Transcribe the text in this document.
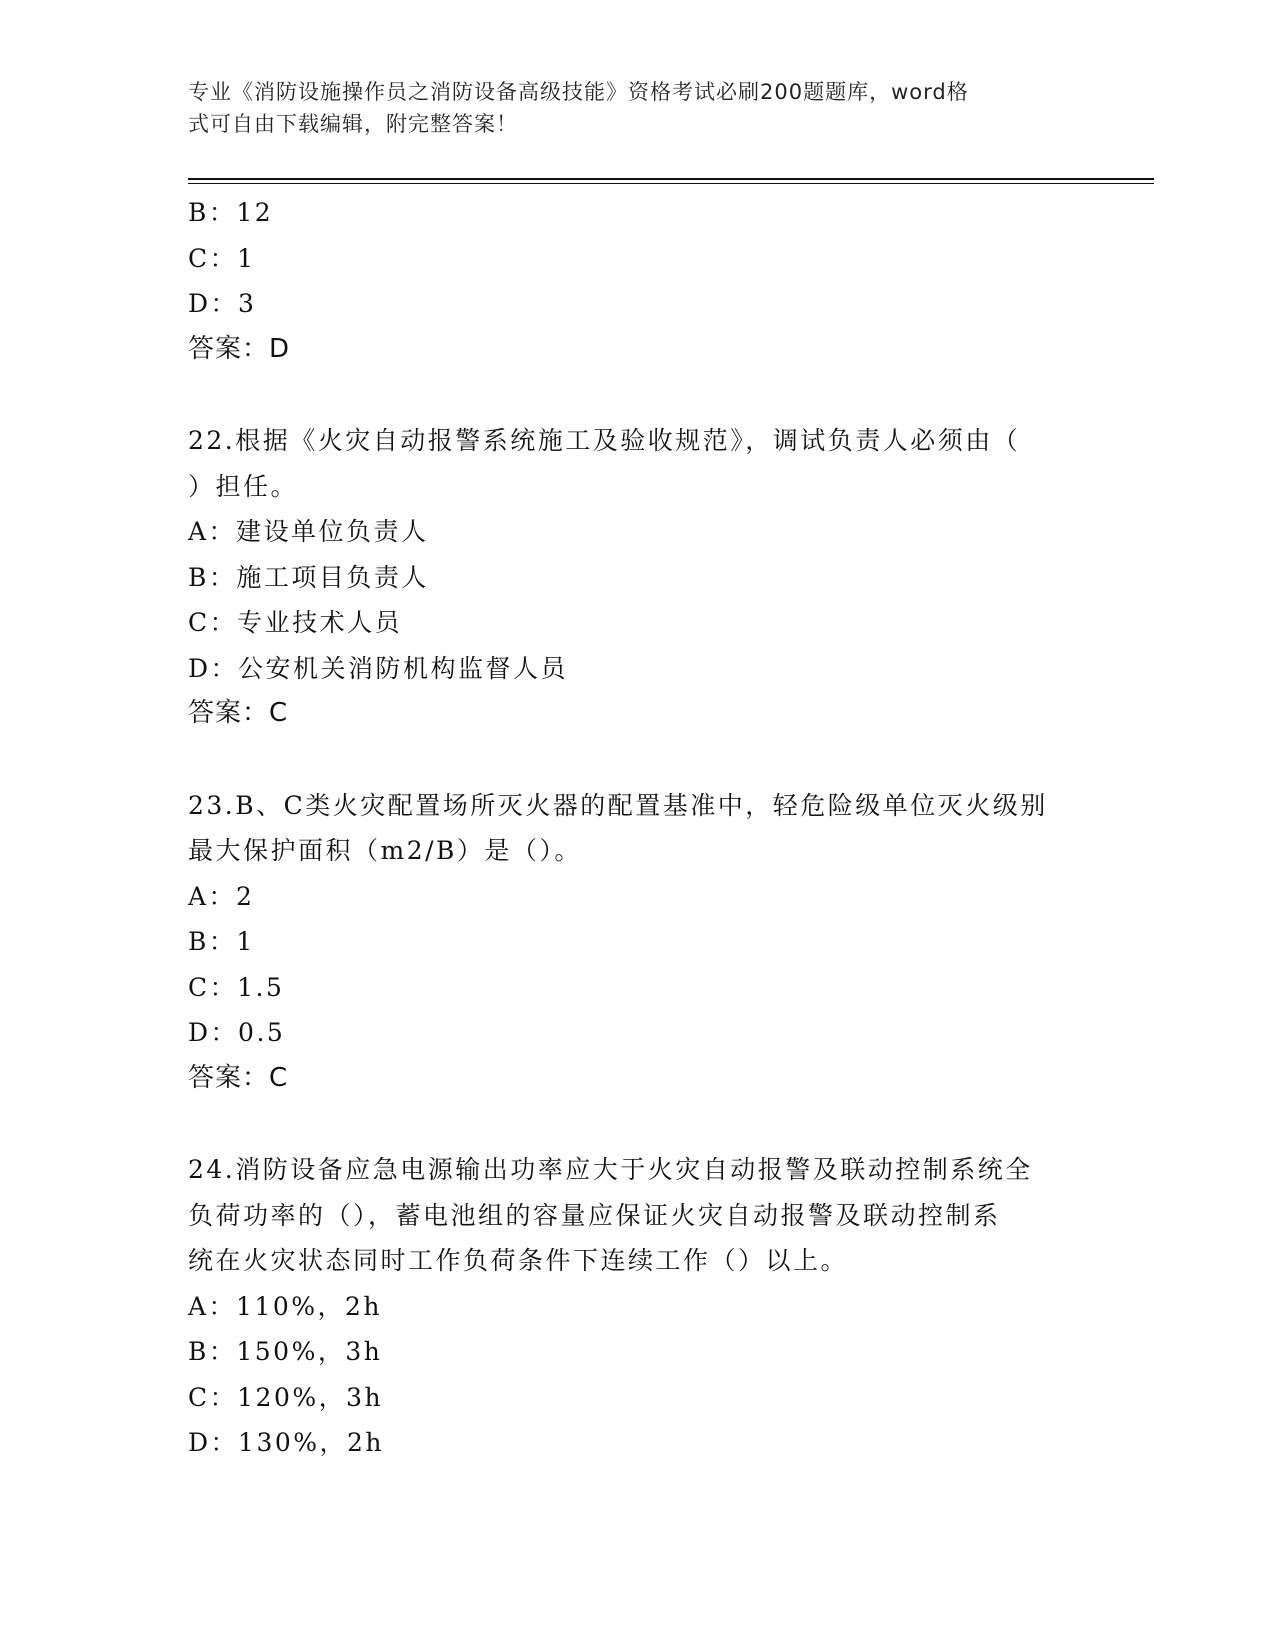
专业《消防设施操作员之消防设备高级技能》资格考试必刷200题题库，word格
式可自由下载编辑，附完整答案！
B：12
C：1
D：3
答案：D
22.根据《火灾自动报警系统施工及验收规范》，调试负责人必须由（
）担任。
A：建设单位负责人
B：施工项目负责人
C：专业技术人员
D：公安机关消防机构监督人员
答案：C
23.B、C类火灾配置场所灭火器的配置基准中，轻危险级单位灭火级别
最大保护面积（m2/B）是（）。
A：2
B：1
C：1.5
D：0.5
答案：C
24.消防设备应急电源输出功率应大于火灾自动报警及联动控制系统全
负荷功率的（），蓄电池组的容量应保证火灾自动报警及联动控制系
统在火灾状态同时工作负荷条件下连续工作（）以上。
A：110%，2h
B：150%，3h
C：120%，3h
D：130%，2h
